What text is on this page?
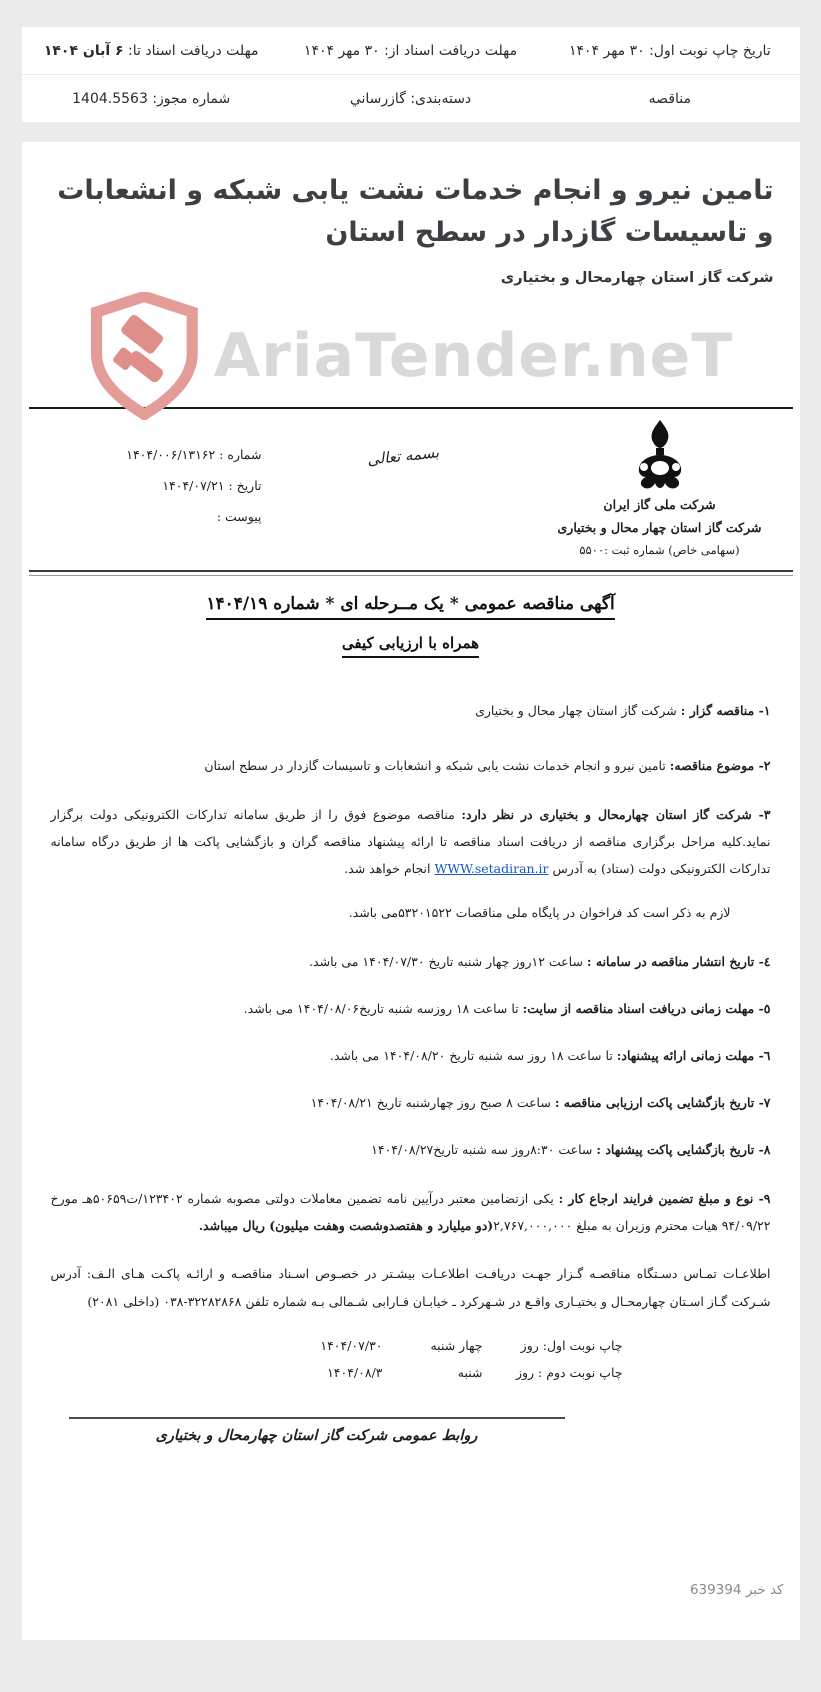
تاریخ چاپ نوبت اول: ۳۰ مهر ۱۴۰۴
مهلت دریافت اسناد از: ۳۰ مهر ۱۴۰۴
مهلت دریافت اسناد تا: ۶ آبان ۱۴۰۴
مناقصه
دسته‌بندی: گازرساني
شماره مجوز: 1404.5563
تامین نیرو و انجام خدمات نشت یابی شبکه و انشعابات و تاسیسات گازدار در سطح استان
شرکت گاز استان چهارمحال و بختیاری
AriaTender.neT
شرکت ملی گاز ایران
شرکت گاز استان چهار محال و بختیاری
(سهامی خاص) شماره ثبت :۵۵۰۰
بسمه تعالی
شماره : ۱۴۰۴/۰۰۶/۱۳۱۶۲
تاریخ : ۱۴۰۴/۰۷/۲۱
پیوست :
آگهی مناقصه عمومی * یک مــرحله ای * شماره ۱۴۰۴/۱۹
همراه با ارزیابی کیفی

۱- مناقصه گزار : شرکت گاز استان چهار محال و بختیاری

۲- موضوع مناقصه: تامین نیرو و انجام خدمات نشت یابی شبکه و انشعابات و تاسیسات گازدار در سطح استان

۳- شرکت گاز استان چهارمحال و بختیاری در نظر دارد: مناقصه موضوع فوق را از طریق سامانه تدارکات الکترونیکی دولت برگزار نماید.کلیه مراحل برگزاری مناقصه از دریافت اسناد مناقصه تا ارائه پیشنهاد مناقصه گران و بازگشایی پاکت ها از طریق درگاه سامانه تدارکات الکترونیکی دولت (ستاد) به آدرس WWW.setadiran.ir انجام خواهد شد.

لازم به ذکر است کد فراخوان در پایگاه ملی مناقصات ۵۳۲۰۱۵۲۲می باشد.

٤- تاریخ انتشار مناقصه در سامانه : ساعت ۱۲روز چهار شنبه تاریخ ۱۴۰۴/۰۷/۳۰ می باشد.

٥- مهلت زمانی دریافت اسناد مناقصه از سایت: تا ساعت ۱۸ روزسه شنبه تاریخ۱۴۰۴/۰۸/۰۶ می باشد.

٦- مهلت زمانی ارائه پیشنهاد: تا ساعت ۱۸ روز سه شنبه تاریخ ۱۴۰۴/۰۸/۲۰ می باشد.

۷- تاریخ بازگشایی پاکت ارزیابی مناقصه : ساعت ۸ صبح روز چهارشنبه تاریخ ۱۴۰۴/۰۸/۲۱

۸- تاریخ بازگشایی پاکت پیشنهاد : ساعت ۸:۳۰روز سه شنبه تاریخ۱۴۰۴/۰۸/۲۷

۹- نوع و مبلغ تضمین فرایند ارجاع کار : یکی ازتضامین معتبر درآیین نامه تضمین معاملات دولتی مصوبه شماره ۱۲۳۴۰۲/ت۵۰۶۵۹هـ مورخ ۹۴/۰۹/۲۲ هیات محترم وزیران به مبلغ ۲,۷۶۷,۰۰۰,۰۰۰(دو میلیارد و هفتصدوشصت وهفت میلیون) ریال میباشد.

اطلاعـات تمـاس دسـتگاه مناقصـه گـزار جهـت دریافـت اطلاعـات بیشـتر در خصـوص اسـناد مناقصـه و ارائـه پاکـت هـای الـف: آدرس شـرکت گـاز اسـتان چهارمحـال و بختیـاری واقـع در شـهرکرد ـ خیابـان فـارابی شـمالی بـه شماره تلفن ۳۲۲۸۲۸۶۸-۰۳۸ (داخلی ۲۰۸۱)

چاپ نوبت اول: روز
چهار شنبه
۱۴۰۴/۰۷/۳۰
چاپ نوبت دوم : روز
شنبه
۱۴۰۴/۰۸/۳
روابط عمومی شرکت گاز استان چهارمحال و بختیاری
کد خبر 639394
